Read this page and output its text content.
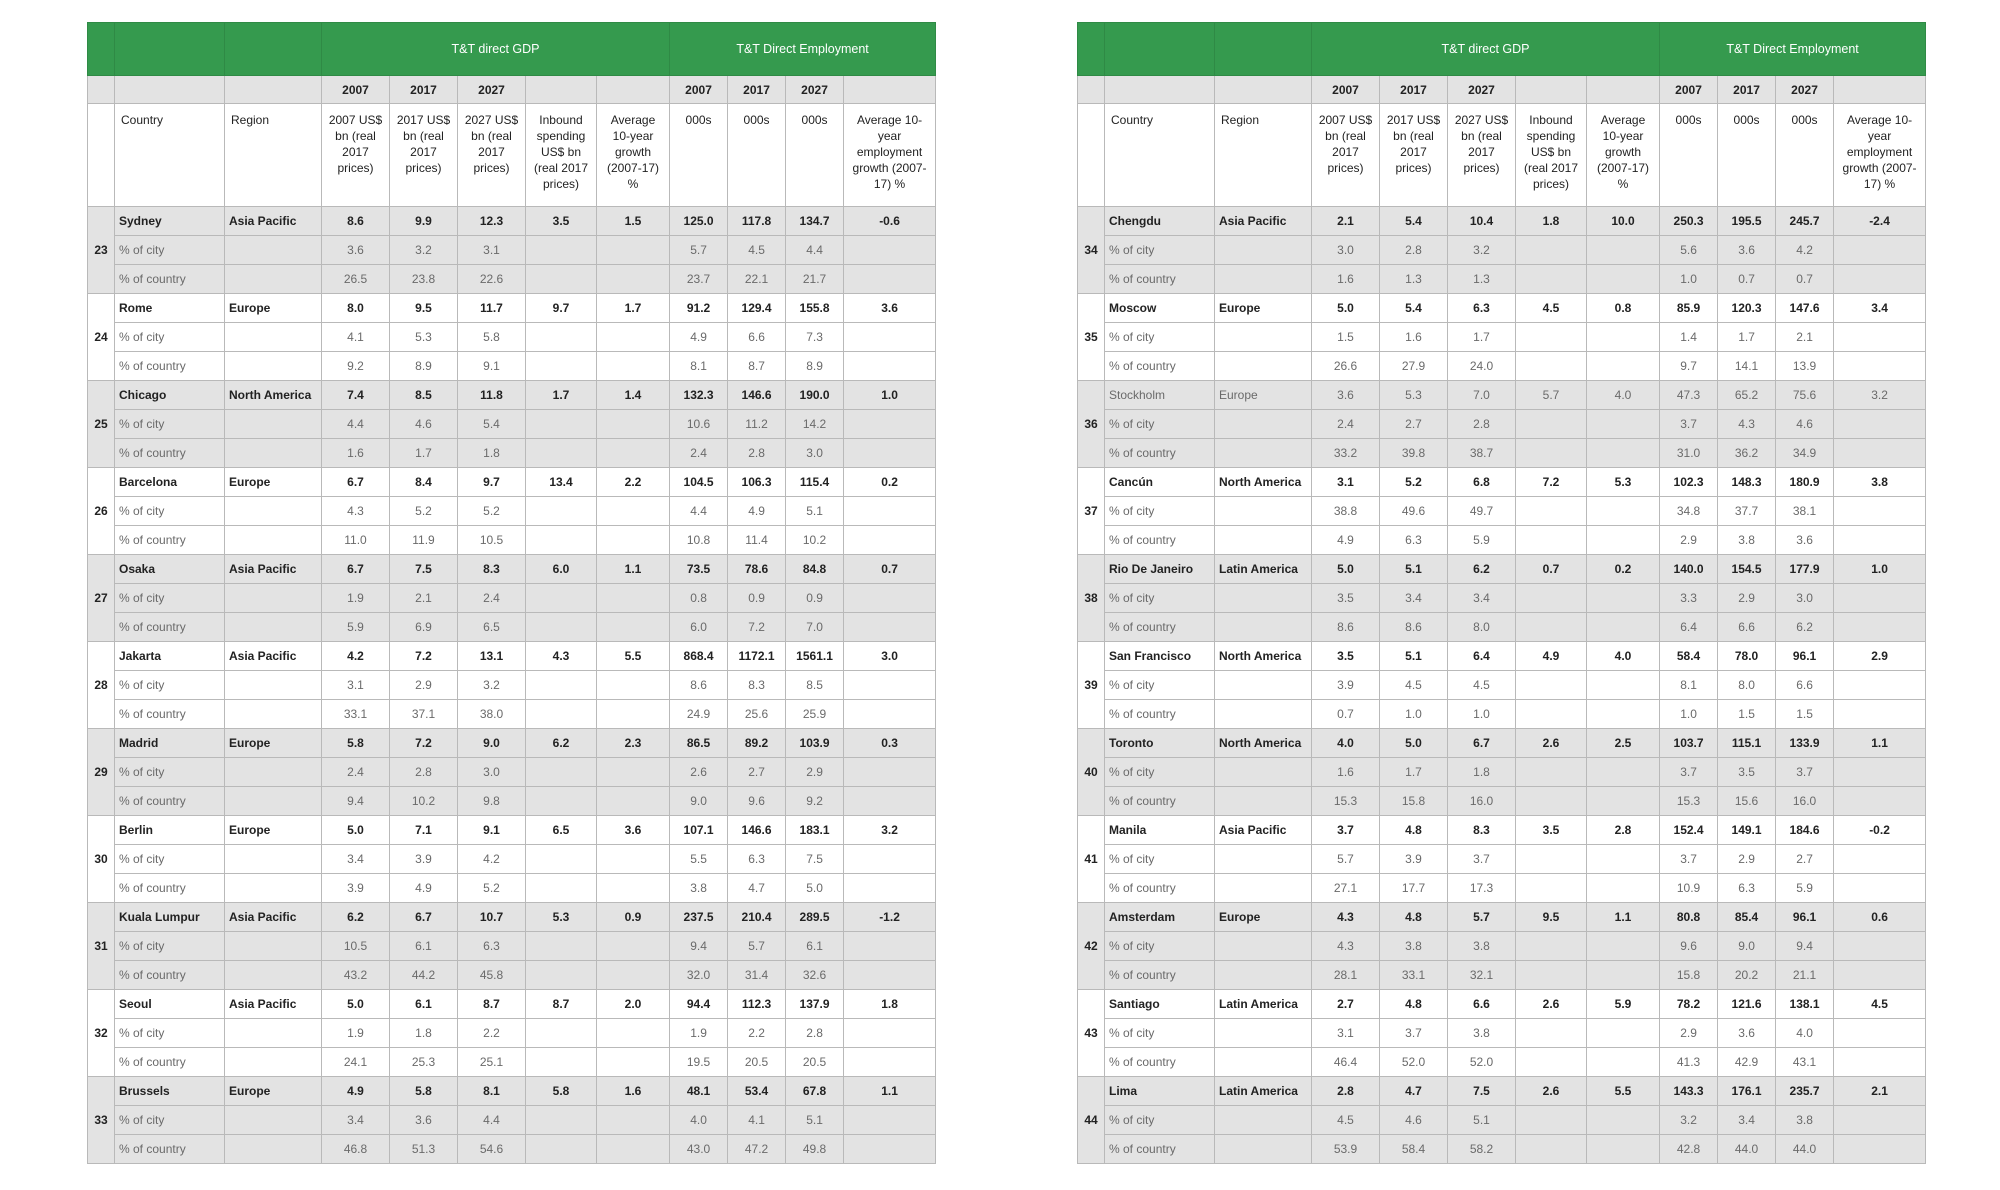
			T&T direct GDP					T&T Direct Employment			
			2007	2017	2027			2007	2017	2027	
	Country	Region	2007 US$ bn (real 2017 prices)	2017 US$ bn (real 2017 prices)	2027 US$ bn (real 2017 prices)	Inbound spending US$ bn (real 2017 prices)	Average 10-year growth (2007-17) %	000s	000s	000s	Average 10-year employment growth (2007-17) %
23	Sydney	Asia Pacific	8.6	9.9	12.3	3.5	1.5	125.0	117.8	134.7	-0.6
	% of city		3.6	3.2	3.1			5.7	4.5	4.4	
	% of country		26.5	23.8	22.6			23.7	22.1	21.7	
24	Rome	Europe	8.0	9.5	11.7	9.7	1.7	91.2	129.4	155.8	3.6
	% of city		4.1	5.3	5.8			4.9	6.6	7.3	
	% of country		9.2	8.9	9.1			8.1	8.7	8.9	
25	Chicago	North America	7.4	8.5	11.8	1.7	1.4	132.3	146.6	190.0	1.0
	% of city		4.4	4.6	5.4			10.6	11.2	14.2	
	% of country		1.6	1.7	1.8			2.4	2.8	3.0	
26	Barcelona	Europe	6.7	8.4	9.7	13.4	2.2	104.5	106.3	115.4	0.2
	% of city		4.3	5.2	5.2			4.4	4.9	5.1	
	% of country		11.0	11.9	10.5			10.8	11.4	10.2	
27	Osaka	Asia Pacific	6.7	7.5	8.3	6.0	1.1	73.5	78.6	84.8	0.7
	% of city		1.9	2.1	2.4			0.8	0.9	0.9	
	% of country		5.9	6.9	6.5			6.0	7.2	7.0	
28	Jakarta	Asia Pacific	4.2	7.2	13.1	4.3	5.5	868.4	1172.1	1561.1	3.0
	% of city		3.1	2.9	3.2			8.6	8.3	8.5	
	% of country		33.1	37.1	38.0			24.9	25.6	25.9	
29	Madrid	Europe	5.8	7.2	9.0	6.2	2.3	86.5	89.2	103.9	0.3
	% of city		2.4	2.8	3.0			2.6	2.7	2.9	
	% of country		9.4	10.2	9.8			9.0	9.6	9.2	
30	Berlin	Europe	5.0	7.1	9.1	6.5	3.6	107.1	146.6	183.1	3.2
	% of city		3.4	3.9	4.2			5.5	6.3	7.5	
	% of country		3.9	4.9	5.2			3.8	4.7	5.0	
31	Kuala Lumpur	Asia Pacific	6.2	6.7	10.7	5.3	0.9	237.5	210.4	289.5	-1.2
	% of city		10.5	6.1	6.3			9.4	5.7	6.1	
	% of country		43.2	44.2	45.8			32.0	31.4	32.6	
32	Seoul	Asia Pacific	5.0	6.1	8.7	8.7	2.0	94.4	112.3	137.9	1.8
	% of city		1.9	1.8	2.2			1.9	2.2	2.8	
	% of country		24.1	25.3	25.1			19.5	20.5	20.5	
33	Brussels	Europe	4.9	5.8	8.1	5.8	1.6	48.1	53.4	67.8	1.1
	% of city		3.4	3.6	4.4			4.0	4.1	5.1	
	% of country		46.8	51.3	54.6			43.0	47.2	49.8	
			T&T direct GDP					T&T Direct Employment			
			2007	2017	2027			2007	2017	2027	
	Country	Region	2007 US$ bn (real 2017 prices)	2017 US$ bn (real 2017 prices)	2027 US$ bn (real 2017 prices)	Inbound spending US$ bn (real 2017 prices)	Average 10-year growth (2007-17) %	000s	000s	000s	Average 10-year employment growth (2007-17) %
34	Chengdu	Asia Pacific	2.1	5.4	10.4	1.8	10.0	250.3	195.5	245.7	-2.4
	% of city		3.0	2.8	3.2			5.6	3.6	4.2	
	% of country		1.6	1.3	1.3			1.0	0.7	0.7	
35	Moscow	Europe	5.0	5.4	6.3	4.5	0.8	85.9	120.3	147.6	3.4
	% of city		1.5	1.6	1.7			1.4	1.7	2.1	
	% of country		26.6	27.9	24.0			9.7	14.1	13.9	
36	Stockholm	Europe	3.6	5.3	7.0	5.7	4.0	47.3	65.2	75.6	3.2
	% of city		2.4	2.7	2.8			3.7	4.3	4.6	
	% of country		33.2	39.8	38.7			31.0	36.2	34.9	
37	Cancún	North America	3.1	5.2	6.8	7.2	5.3	102.3	148.3	180.9	3.8
	% of city		38.8	49.6	49.7			34.8	37.7	38.1	
	% of country		4.9	6.3	5.9			2.9	3.8	3.6	
38	Rio De Janeiro	Latin America	5.0	5.1	6.2	0.7	0.2	140.0	154.5	177.9	1.0
	% of city		3.5	3.4	3.4			3.3	2.9	3.0	
	% of country		8.6	8.6	8.0			6.4	6.6	6.2	
39	San Francisco	North America	3.5	5.1	6.4	4.9	4.0	58.4	78.0	96.1	2.9
	% of city		3.9	4.5	4.5			8.1	8.0	6.6	
	% of country		0.7	1.0	1.0			1.0	1.5	1.5	
40	Toronto	North America	4.0	5.0	6.7	2.6	2.5	103.7	115.1	133.9	1.1
	% of city		1.6	1.7	1.8			3.7	3.5	3.7	
	% of country		15.3	15.8	16.0			15.3	15.6	16.0	
41	Manila	Asia Pacific	3.7	4.8	8.3	3.5	2.8	152.4	149.1	184.6	-0.2
	% of city		5.7	3.9	3.7			3.7	2.9	2.7	
	% of country		27.1	17.7	17.3			10.9	6.3	5.9	
42	Amsterdam	Europe	4.3	4.8	5.7	9.5	1.1	80.8	85.4	96.1	0.6
	% of city		4.3	3.8	3.8			9.6	9.0	9.4	
	% of country		28.1	33.1	32.1			15.8	20.2	21.1	
43	Santiago	Latin America	2.7	4.8	6.6	2.6	5.9	78.2	121.6	138.1	4.5
	% of city		3.1	3.7	3.8			2.9	3.6	4.0	
	% of country		46.4	52.0	52.0			41.3	42.9	43.1	
44	Lima	Latin America	2.8	4.7	7.5	2.6	5.5	143.3	176.1	235.7	2.1
	% of city		4.5	4.6	5.1			3.2	3.4	3.8	
	% of country		53.9	58.4	58.2			42.8	44.0	44.0	
